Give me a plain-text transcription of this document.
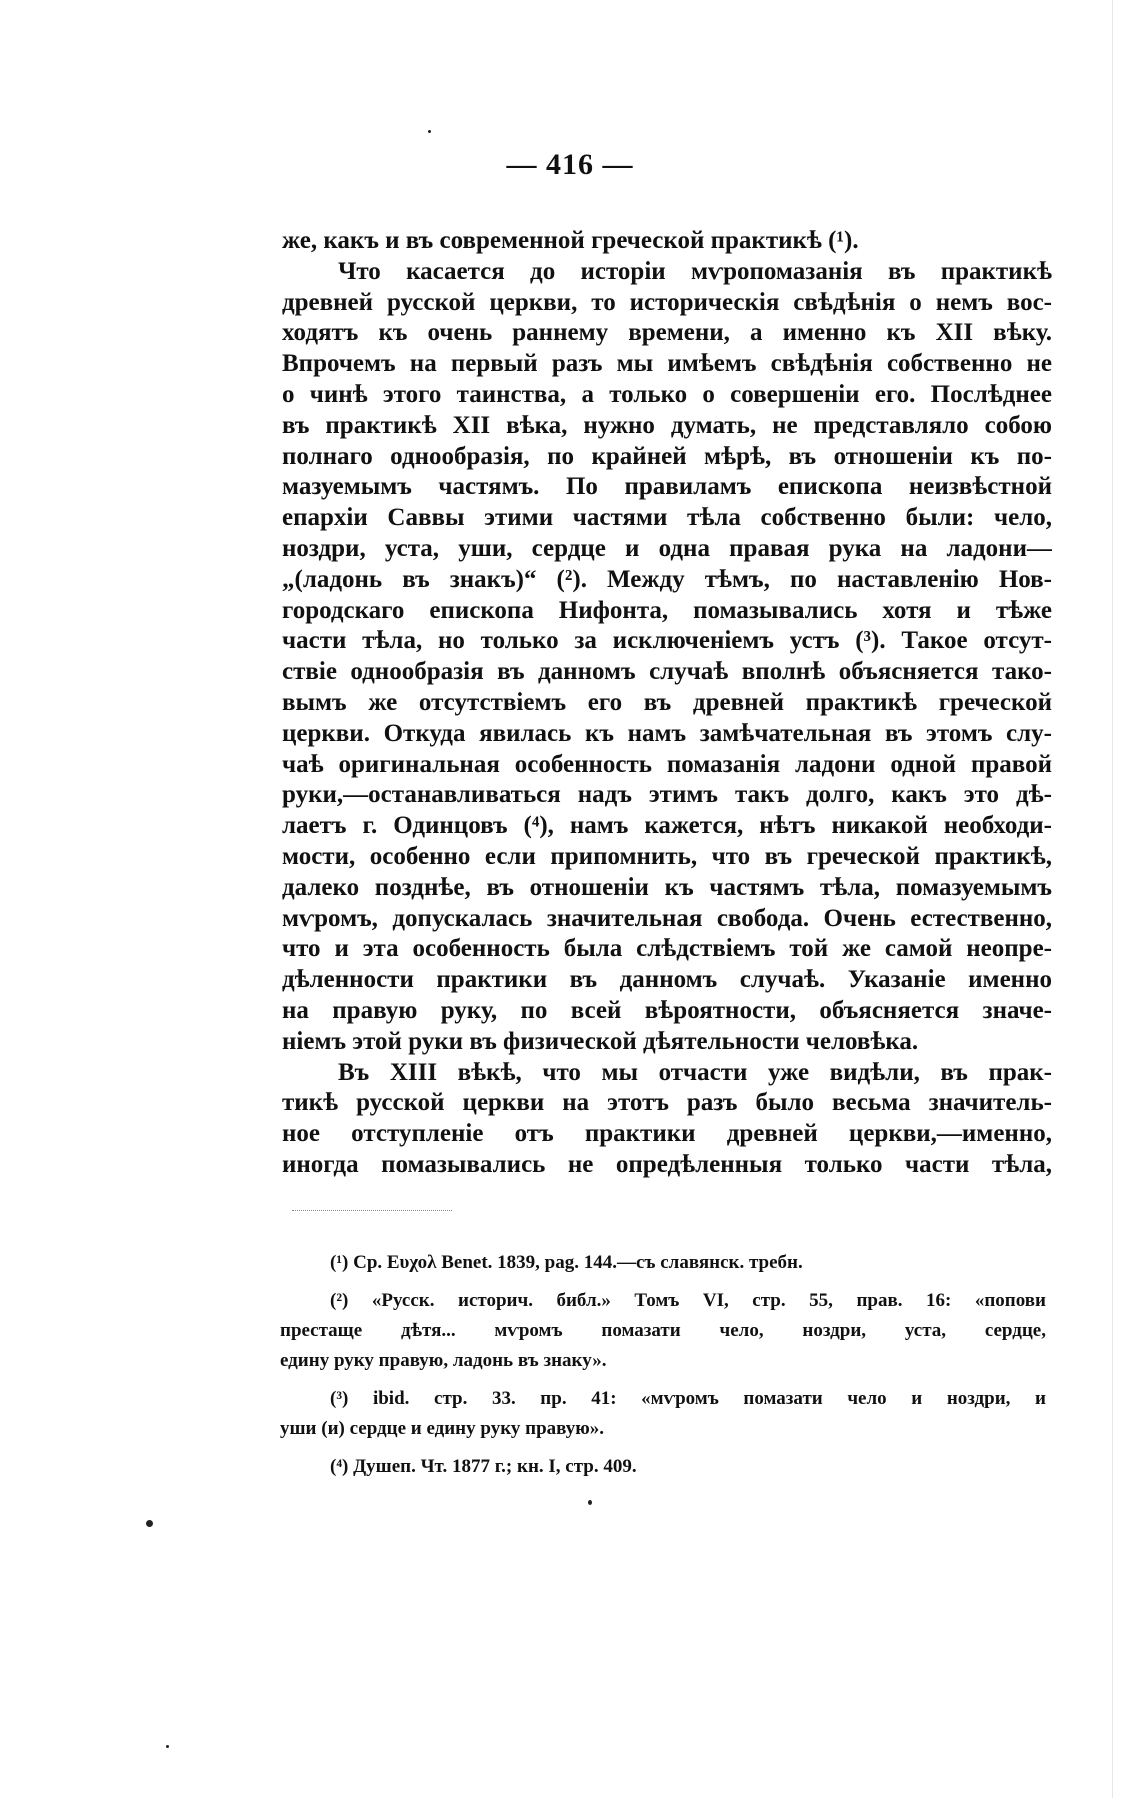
— 416 —
же, какъ и въ современной греческой практикѣ (¹).
Что касается до исторіи мѵропомазанія въ практикѣ
древней русской церкви, то историческія свѣдѣнія о немъ вос-
ходятъ къ очень раннему времени, а именно къ XII вѣку.
Впрочемъ на первый разъ мы имѣемъ свѣдѣнія собственно не
о чинѣ этого таинства, а только о совершеніи его. Послѣднее
въ практикѣ XII вѣка, нужно думать, не представляло собою
полнаго однообразія, по крайней мѣрѣ, въ отношеніи къ по-
мазуемымъ частямъ. По правиламъ епископа неизвѣстной
епархіи Саввы этими частями тѣла собственно были: чело,
ноздри, уста, уши, сердце и одна правая рука на ладони—
„(ладонь въ знакъ)“ (²). Между тѣмъ, по наставленію Нов-
городскаго епископа Нифонта, помазывались хотя и тѣже
части тѣла, но только за исключеніемъ устъ (³). Такое отсут-
ствіе однообразія въ данномъ случаѣ вполнѣ объясняется тако-
вымъ же отсутствіемъ его въ древней практикѣ греческой
церкви. Откуда явилась къ намъ замѣчательная въ этомъ слу-
чаѣ оригинальная особенность помазанія ладони одной правой
руки,—останавливаться надъ этимъ такъ долго, какъ это дѣ-
лаетъ г. Одинцовъ (⁴), намъ кажется, нѣтъ никакой необходи-
мости, особенно если припомнить, что въ греческой практикѣ,
далеко позднѣе, въ отношеніи къ частямъ тѣла, помазуемымъ
мѵромъ, допускалась значительная свобода. Очень естественно,
что и эта особенность была слѣдствіемъ той же самой неопре-
дѣленности практики въ данномъ случаѣ. Указаніе именно
на правую руку, по всей вѣроятности, объясняется значе-
ніемъ этой руки въ физической дѣятельности человѣка.
Въ XIII вѣкѣ, что мы отчасти уже видѣли, въ прак-
тикѣ русской церкви на этотъ разъ было весьма значитель-
ное отступленіе отъ практики древней церкви,—именно,
иногда помазывались не опредѣленныя только части тѣла,
(¹) Ср. Ευχολ Benet. 1839, pag. 144.—съ славянск. требн.
(²) «Русск. историч. библ.» Томъ VI, стр. 55, прав. 16: «попови
престаще дѣтя... мѵромъ помазати чело, ноздри, уста, сердце,
едину руку правую, ладонь въ знаку».
(³) ibid. стр. 33. пр. 41: «мѵромъ помазати чело и ноздри, и
уши (и) сердце и едину руку правую».
(⁴) Душеп. Чт. 1877 г.; кн. I, стр. 409.
